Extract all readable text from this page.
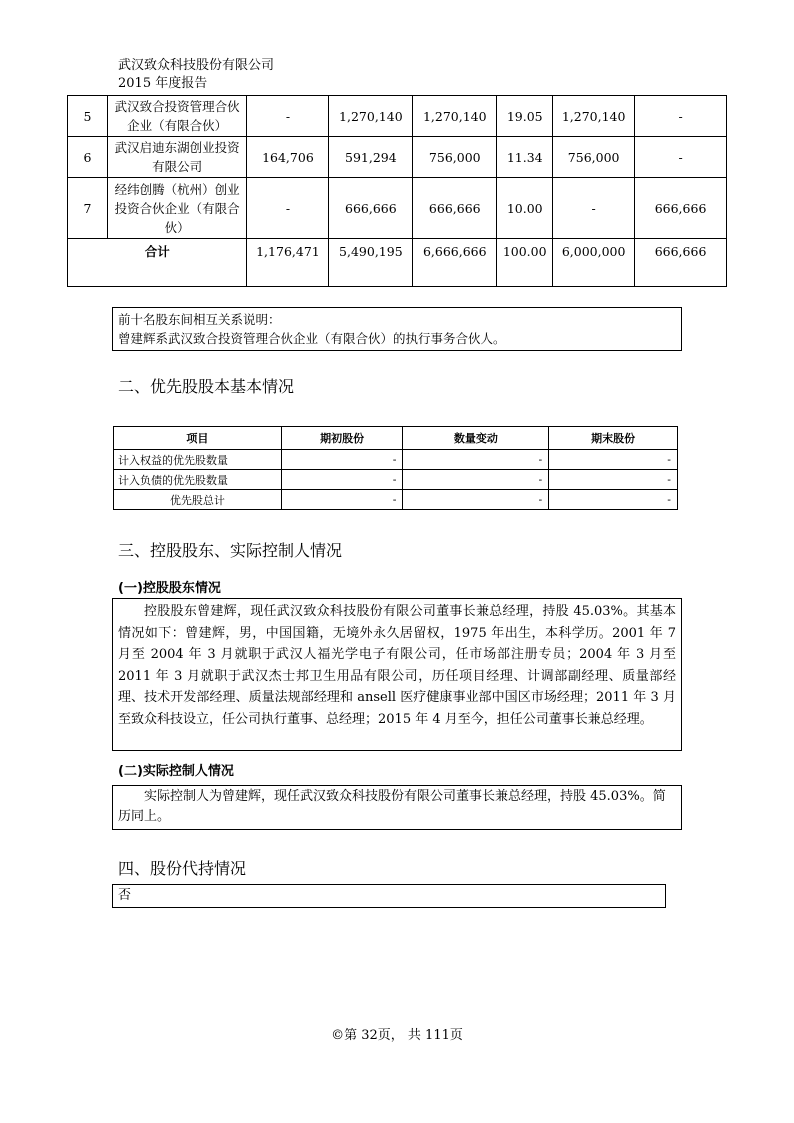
武汉致众科技股份有限公司
2015 年度报告
5	武汉致合投资管理合伙企业（有限合伙）	-	1,270,140	1,270,140	19.05	1,270,140	-
6	武汉启迪东湖创业投资有限公司	164,706	591,294	756,000	11.34	756,000	-
7	经纬创腾（杭州）创业投资合伙企业（有限合伙）	-	666,666	666,666	10.00	-	666,666
合计		1,176,471	5,490,195	6,666,666	100.00	6,000,000	666,666
前十名股东间相互关系说明：
曾建辉系武汉致合投资管理合伙企业（有限合伙）的执行事务合伙人。
二、优先股股本基本情况
项目	期初股份	数量变动	期末股份
计入权益的优先股数量	-	-	-
计入负债的优先股数量	-	-	-
优先股总计	-	-	-
三、控股股东、实际控制人情况
(一)控股股东情况
控股股东曾建辉，现任武汉致众科技股份有限公司董事长兼总经理，持股 45.03%。其基本情况如下：曾建辉，男，中国国籍，无境外永久居留权，1975 年出生，本科学历。2001 年 7 月至 2004 年 3 月就职于武汉人福光学电子有限公司，任市场部注册专员；2004 年 3 月至 2011 年 3 月就职于武汉杰士邦卫生用品有限公司，历任项目经理、计调部副经理、质量部经理、技术开发部经理、质量法规部经理和 ansell 医疗健康事业部中国区市场经理；2011 年 3 月至致众科技设立，任公司执行董事、总经理；2015 年 4 月至今，担任公司董事长兼总经理。
(二)实际控制人情况
实际控制人为曾建辉，现任武汉致众科技股份有限公司董事长兼总经理，持股 45.03%。简历同上。
四、股份代持情况
否
©第 32页， 共 111页
